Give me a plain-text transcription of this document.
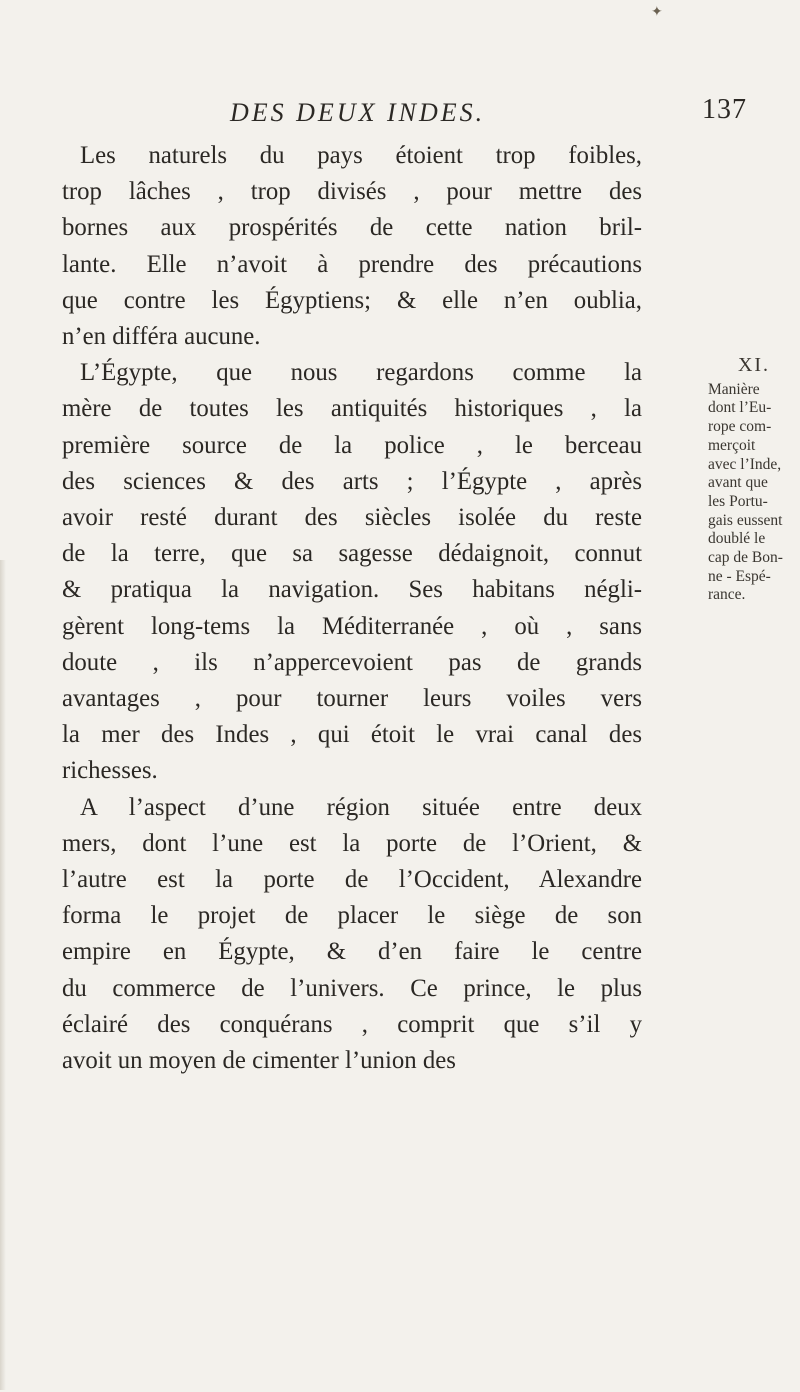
✦
DES DEUX INDES.	137
Les naturels du pays étoient trop foibles,
trop lâches , trop divisés , pour mettre des
bornes aux prospérités de cette nation bril-
lante. Elle n’avoit à prendre des précautions
que contre les Égyptiens; & elle n’en oublia,
n’en différa aucune.
L’Égypte, que nous regardons comme la
mère de toutes les antiquités historiques , la
première source de la police , le berceau
des sciences & des arts ; l’Égypte , après
avoir resté durant des siècles isolée du reste
de la terre, que sa sagesse dédaignoit, connut
& pratiqua la navigation. Ses habitans négli-
gèrent long-tems la Méditerranée , où , sans
doute , ils n’appercevoient pas de grands
avantages , pour tourner leurs voiles vers
la mer des Indes , qui étoit le vrai canal des
richesses.
A l’aspect d’une région située entre deux
mers, dont l’une est la porte de l’Orient, &
l’autre est la porte de l’Occident, Alexandre
forma le projet de placer le siège de son
empire en Égypte, & d’en faire le centre
du commerce de l’univers. Ce prince, le plus
éclairé des conquérans , comprit que s’il y
avoit un moyen de cimenter l’union des
XI.
Manière
dont l’Eu-
rope com-
merçoit
avec l’Inde,
avant que
les Portu-
gais eussent
doublé le
cap de Bon-
ne - Espé-
rance.
